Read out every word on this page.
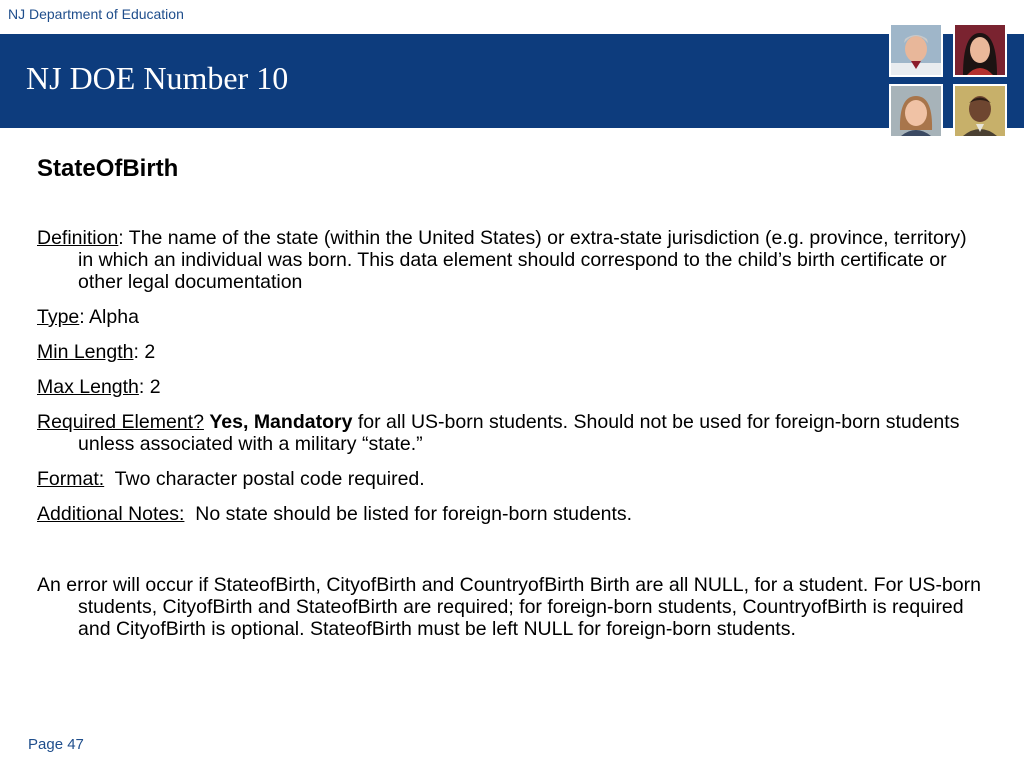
NJ Department of Education
NJ DOE Number 10

StateOfBirth

Definition: The name of the state (within the United States) or extra-state jurisdiction (e.g. province, territory) in which an individual was born. This data element should correspond to the child’s birth certificate or other legal documentation

Type: Alpha

Min Length: 2

Max Length: 2

Required Element? Yes, Mandatory for all US-born students. Should not be used for foreign-born students unless associated with a military “state.”

Format:  Two character postal code required.

Additional Notes:  No state should be listed for foreign-born students.

An error will occur if StateofBirth, CityofBirth and CountryofBirth Birth are all NULL, for a student. For US-born students, CityofBirth and StateofBirth are required; for foreign-born students, CountryofBirth is required and CityofBirth is optional. StateofBirth must be left NULL for foreign-born students.

Page 47
